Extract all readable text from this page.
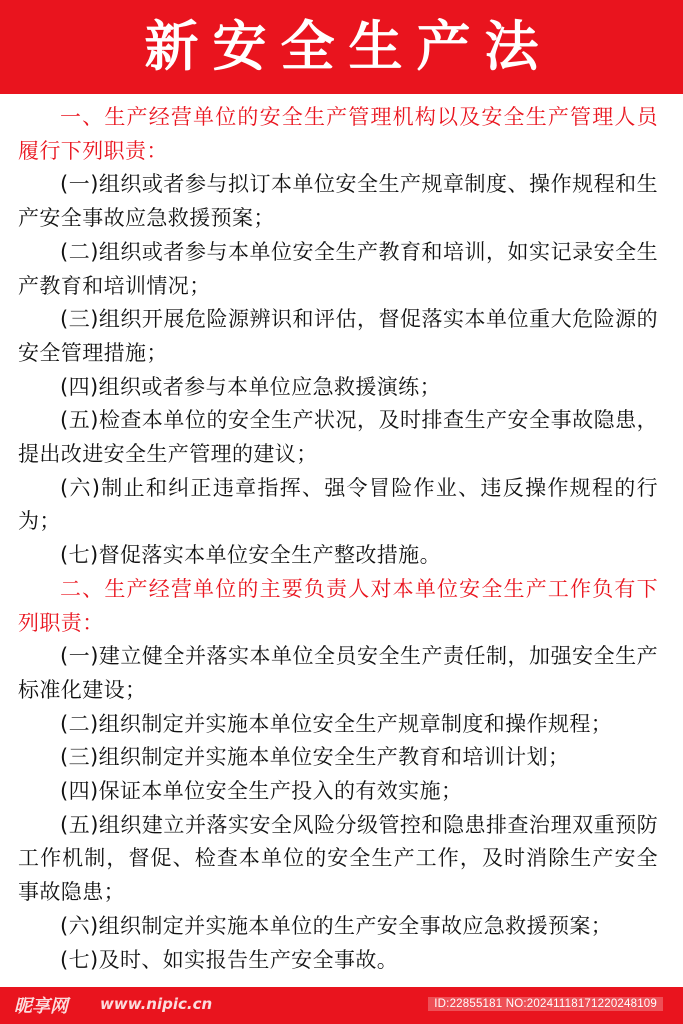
新安全生产法

一、生产经营单位的安全生产管理机构以及安全生产管理人员履行下列职责：

(一)组织或者参与拟订本单位安全生产规章制度、操作规程和生产安全事故应急救援预案；

(二)组织或者参与本单位安全生产教育和培训，如实记录安全生产教育和培训情况；

(三)组织开展危险源辨识和评估，督促落实本单位重大危险源的安全管理措施；

(四)组织或者参与本单位应急救援演练；

(五)检查本单位的安全生产状况，及时排查生产安全事故隐患，提出改进安全生产管理的建议；

(六)制止和纠正违章指挥、强令冒险作业、违反操作规程的行为；

(七)督促落实本单位安全生产整改措施。

二、生产经营单位的主要负责人对本单位安全生产工作负有下列职责：

(一)建立健全并落实本单位全员安全生产责任制，加强安全生产标准化建设；

(二)组织制定并实施本单位安全生产规章制度和操作规程；

(三)组织制定并实施本单位安全生产教育和培训计划；

(四)保证本单位安全生产投入的有效实施；

(五)组织建立并落实安全风险分级管控和隐患排查治理双重预防工作机制，督促、检查本单位的安全生产工作，及时消除生产安全事故隐患；

(六)组织制定并实施本单位的生产安全事故应急救援预案；

(七)及时、如实报告生产安全事故。

昵享网 www.nipic.cn	ID:22855181 NO:20241118171220248109
